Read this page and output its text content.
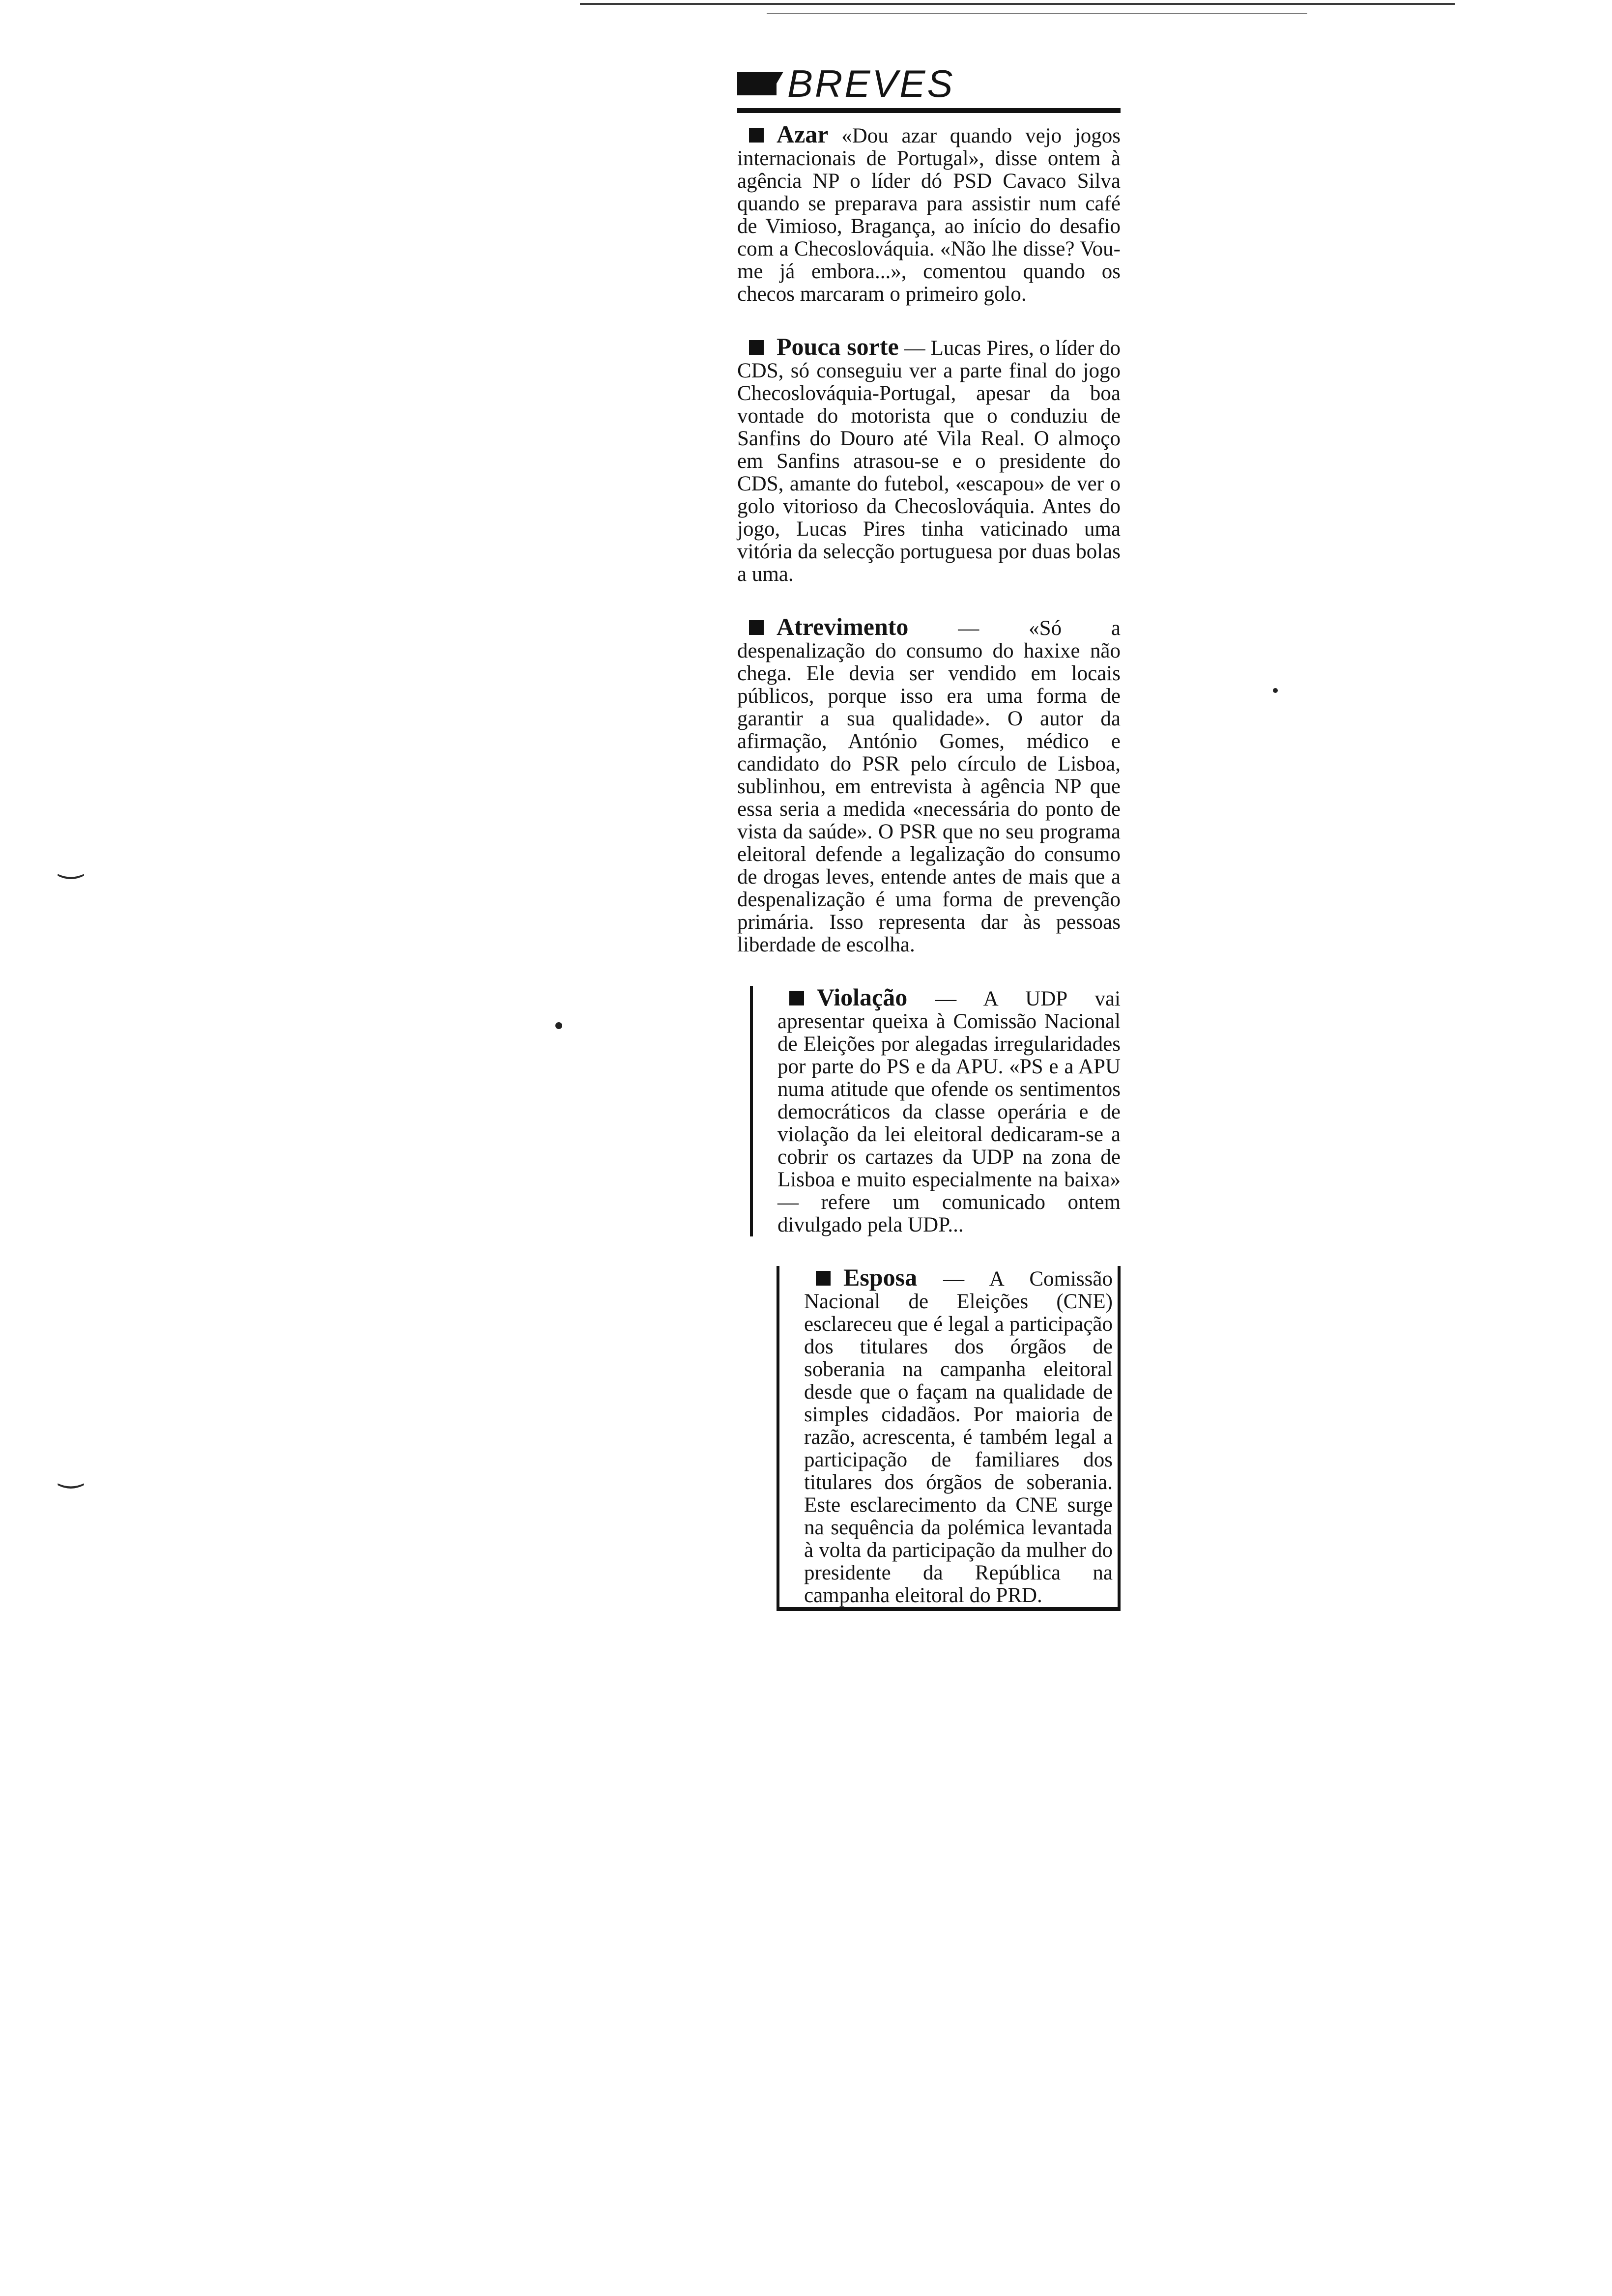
‿
‿
BREVES

Azar «Dou azar quando vejo jogos internacionais de Portugal», disse ontem à agência NP o líder dó PSD Cavaco Silva quando se preparava para assistir num café de Vimioso, Bragança, ao início do desafio com a Checoslováquia. «Não lhe disse? Vou-me já embora...», comentou quando os checos marcaram o primeiro golo.

Pouca sorte — Lucas Pires, o líder do CDS, só conseguiu ver a parte final do jogo Checoslováquia-Portugal, apesar da boa vontade do motorista que o conduziu de Sanfins do Douro até Vila Real. O almoço em Sanfins atrasou-se e o presidente do CDS, amante do futebol, «escapou» de ver o golo vitorioso da Checoslováquia. Antes do jogo, Lucas Pires tinha vaticinado uma vitória da selecção portuguesa por duas bolas a uma.

Atrevimento — «Só a despenalização do consumo do haxixe não chega. Ele devia ser vendido em locais públicos, porque isso era uma forma de garantir a sua qualidade». O autor da afirmação, António Gomes, médico e candidato do PSR pelo círculo de Lisboa, sublinhou, em entrevista à agência NP que essa seria a medida «necessária do ponto de vista da saúde». O PSR que no seu programa eleitoral defende a legalização do consumo de drogas leves, entende antes de mais que a despenalização é uma forma de prevenção primária. Isso representa dar às pessoas liberdade de escolha.

Violação — A UDP vai apresentar queixa à Comissão Nacional de Eleições por alegadas irregularidades por parte do PS e da APU. «PS e a APU numa atitude que ofende os sentimentos democráticos da classe operária e de violação da lei eleitoral dedicaram-se a cobrir os cartazes da UDP na zona de Lisboa e muito especialmente na baixa» — refere um comunicado ontem divulgado pela UDP...

Esposa — A Comissão Nacional de Eleições (CNE) esclareceu que é legal a participação dos titulares dos órgãos de soberania na campanha eleitoral desde que o façam na qualidade de simples cidadãos. Por maioria de razão, acrescenta, é também legal a participação de familiares dos titulares dos órgãos de soberania. Este esclarecimento da CNE surge na sequência da polémica levantada à volta da participação da mulher do presidente da República na campanha eleitoral do PRD.
